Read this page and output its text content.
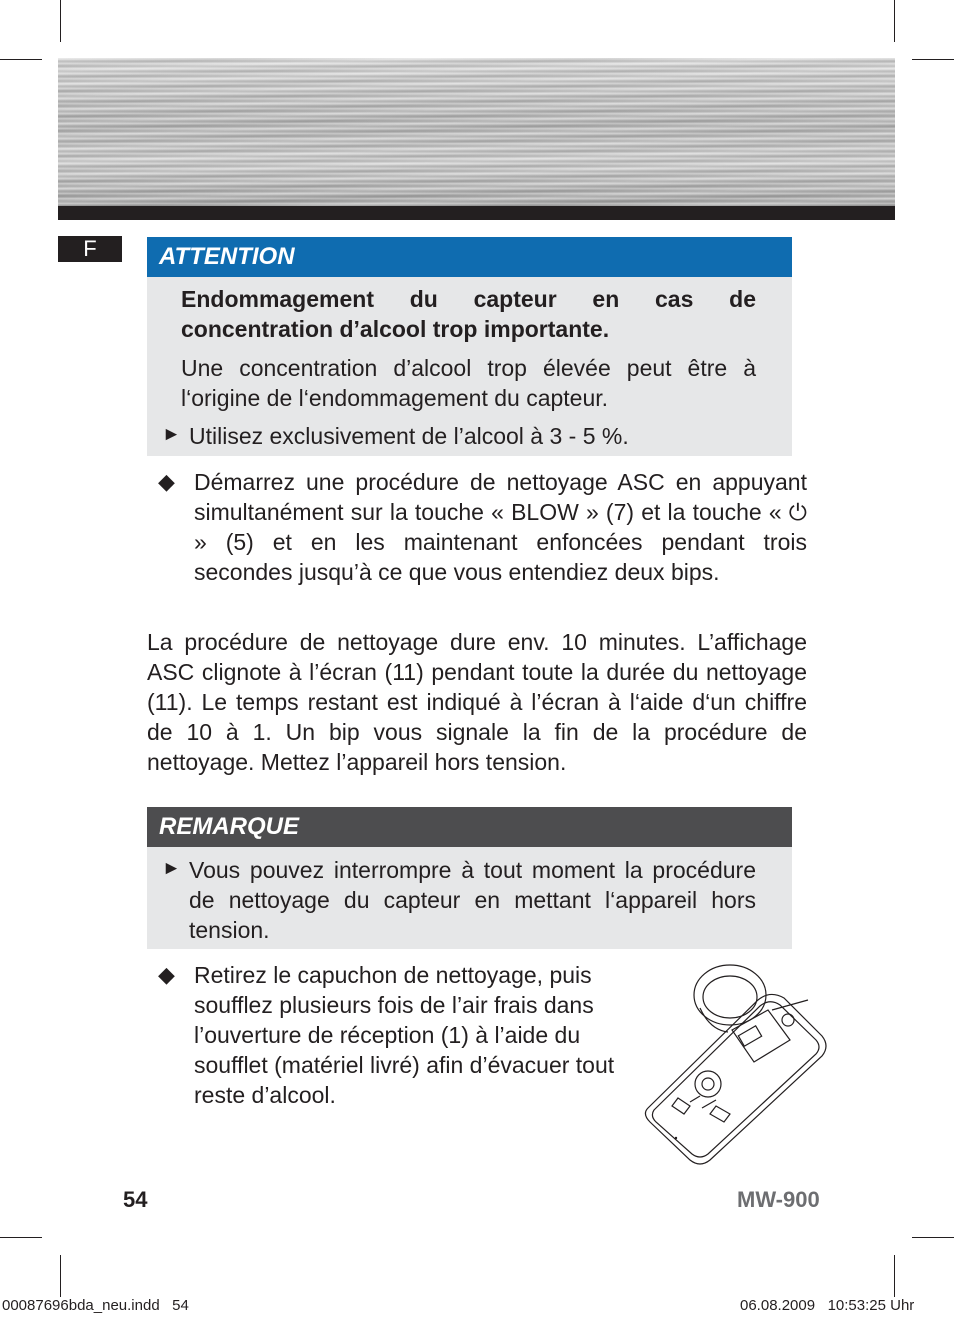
F	ATTENTION
Endommagement du capteur en cas de concentration d’alcool trop importante.
Une concentration d’alcool trop élevée peut être à l‘origine de l‘endommagement du capteur.
► Utilisez exclusivement de l’alcool à 3 - 5 %.
◆ Démarrez une procédure de nettoyage ASC en appuyant simultanément sur la touche « BLOW » (7) et la touche « ⏻ » (5) et en les maintenant enfoncées pendant trois secondes jusqu’à ce que vous entendiez deux bips.
La procédure de nettoyage dure env. 10 minutes. L’affichage ASC clignote à l’écran (11) pendant toute la durée du nettoyage (11). Le temps restant est indiqué à l’écran à l‘aide d‘un chiffre de 10 à 1. Un bip vous signale la fin de la procédure de nettoyage. Mettez l’appareil hors tension.
REMARQUE
► Vous pouvez interrompre à tout moment la procédure de nettoyage du capteur en mettant l‘appareil hors tension.
◆ Retirez le capuchon de nettoyage, puis soufflez plusieurs fois de l’air frais dans l’ouverture de réception (1) à l’aide du soufflet (matériel livré) afin d’évacuer tout reste d’alcool.
54	MW-900
00087696bda_neu.indd   54	06.08.2009   10:53:25 Uhr
